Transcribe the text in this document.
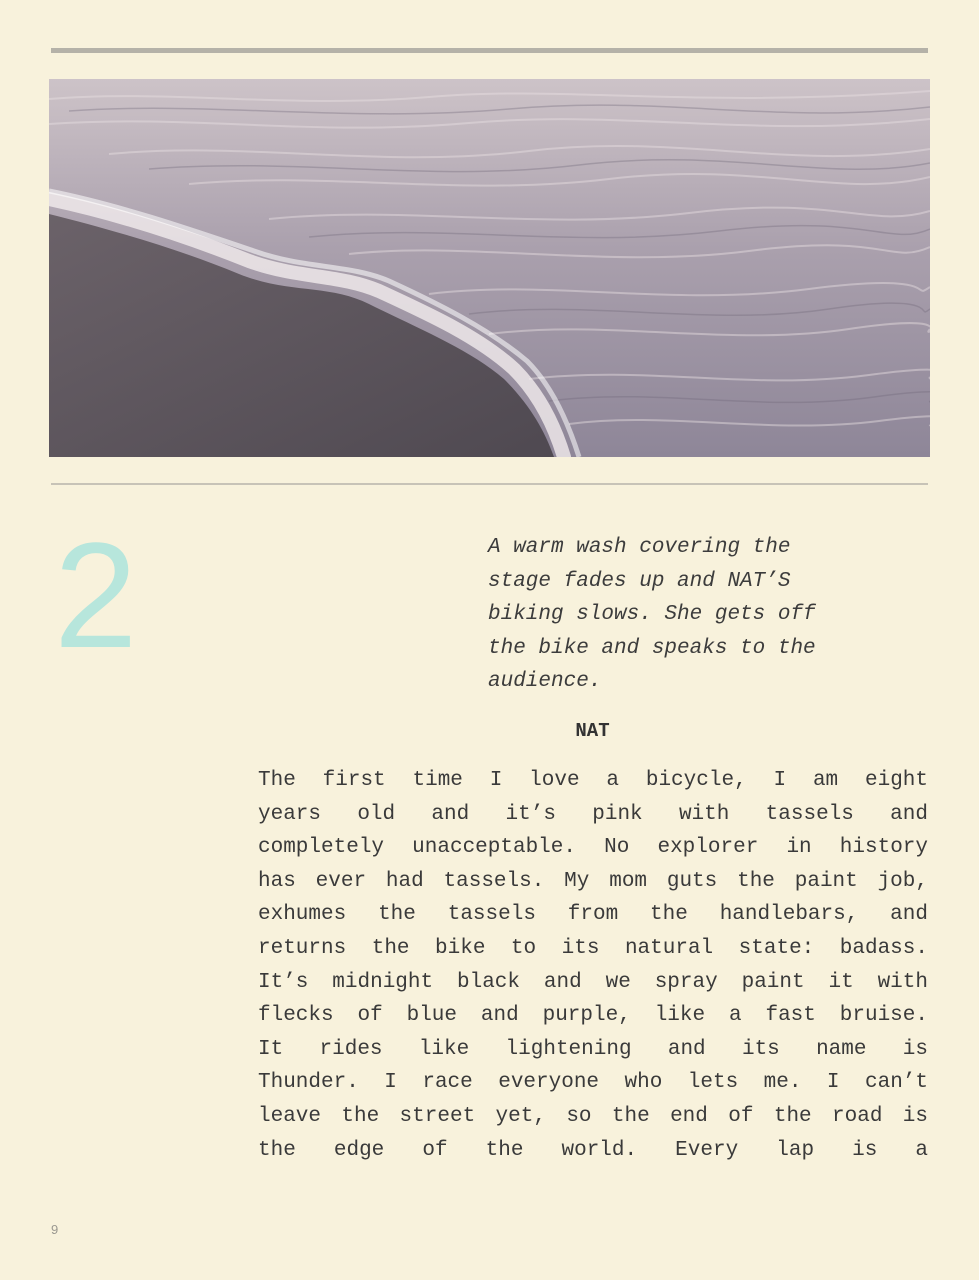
2	A warm wash covering the
stage fades up and NAT’S
biking slows. She gets off
the bike and speaks to the
audience.
NAT
The first time I love a bicycle, I am eight
years old and it’s pink with tassels and
completely unacceptable. No explorer in history
has ever had tassels. My mom guts the paint job,
exhumes the tassels from the handlebars, and
returns the bike to its natural state: badass.
It’s midnight black and we spray paint it with
flecks of blue and purple, like a fast bruise.
It rides like lightening and its name is
Thunder. I race everyone who lets me. I can’t
leave the street yet, so the end of the road is
the edge of the world. Every lap is a
9
